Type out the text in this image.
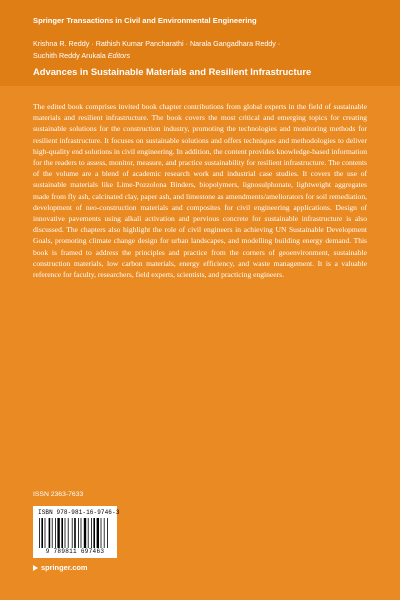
Springer Transactions in Civil and Environmental Engineering
Krishna R. Reddy · Rathish Kumar Pancharathi · Narala Gangadhara Reddy ·
Suchith Reddy Arukala Editors
Advances in Sustainable Materials and Resilient Infrastructure
The edited book comprises invited book chapter contributions from global experts in the field of sustainable materials and resilient infrastructure. The book covers the most critical and emerging topics for creating sustainable solutions for the construction industry, promoting the technologies and monitoring methods for resilient infrastructure. It focuses on sustainable solutions and offers techniques and methodologies to deliver high-quality end solutions in civil engineering. In addition, the content provides knowledge-based information for the readers to assess, monitor, measure, and practice sustainability for resilient infrastructure. The contents of the volume are a blend of academic research work and industrial case studies. It covers the use of sustainable materials like Lime-Pozzolona Binders, biopolymers, lignosulphonate, lightweight aggregates made from fly ash, calcinated clay, paper ash, and limestone as amendments/ameliorators for soil remediation, development of neo-construction materials and composites for civil engineering applications. Design of innovative pavements using alkali activation and pervious concrete for sustainable infrastructure is also discussed. The chapters also highlight the role of civil engineers in achieving UN Sustainable Development Goals, promoting climate change design for urban landscapes, and modelling building energy demand. This book is framed to address the principles and practice from the corners of geoenvironment, sustainable construction materials, low carbon materials, energy efficiency, and waste management. It is a valuable reference for faculty, researchers, field experts, scientists, and practicing engineers.
ISSN 2363-7633
ISBN 978-981-16-9746-3
9 789811 697463
springer.com
